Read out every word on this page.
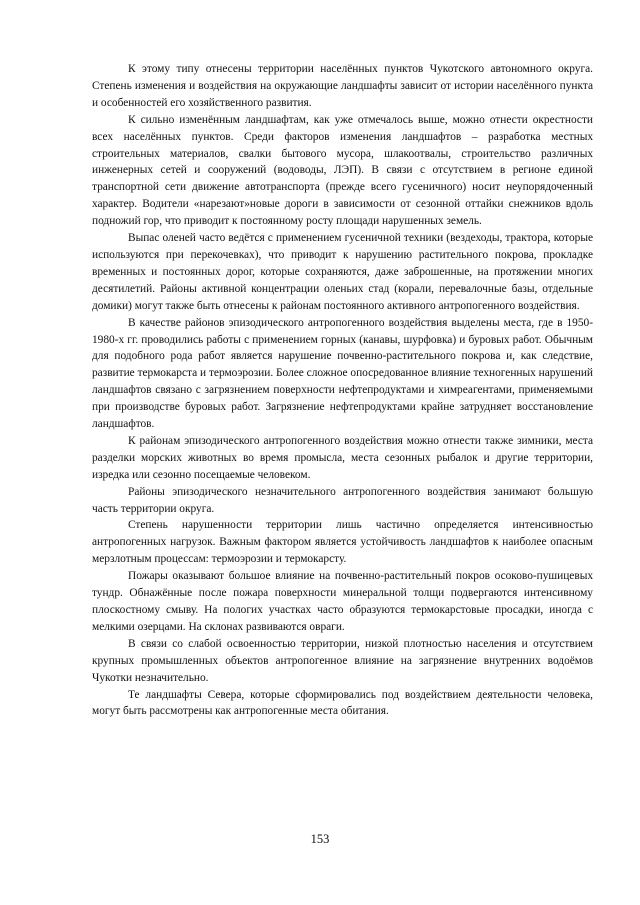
К этому типу отнесены территории населённых пунктов Чукотского автономного округа. Степень изменения и воздействия на окружающие ландшафты зависит от истории населённого пункта и особенностей его хозяйственного развития.

К сильно изменённым ландшафтам, как уже отмечалось выше, можно отнести окрестности всех населённых пунктов. Среди факторов изменения ландшафтов – разработка местных строительных материалов, свалки бытового мусора, шлакоотвалы, строительство различных инженерных сетей и сооружений (водоводы, ЛЭП). В связи с отсутствием в регионе единой транспортной сети движение автотранспорта (прежде всего гусеничного) носит неупорядоченный характер. Водители «нарезают»новые дороги в зависимости от сезонной оттайки снежников вдоль подножий гор, что приводит к постоянному росту площади нарушенных земель.

Выпас оленей часто ведётся с применением гусеничной техники (вездеходы, трактора, которые используются при перекочевках), что приводит к нарушению растительного покрова, прокладке временных и постоянных дорог, которые сохраняются, даже заброшенные, на протяжении многих десятилетий. Районы активной концентрации оленьих стад (корали, перевалочные базы, отдельные домики) могут также быть отнесены к районам постоянного активного антропогенного воздействия.

В качестве районов эпизодического антропогенного воздействия выделены места, где в 1950-1980-х гг. проводились работы с применением горных (канавы, шурфовка) и буровых работ. Обычным для подобного рода работ является нарушение почвенно-растительного покрова и, как следствие, развитие термокарста и термоэрозии. Более сложное опосредованное влияние техногенных нарушений ландшафтов связано с загрязнением поверхности нефтепродуктами и химреагентами, применяемыми при производстве буровых работ. Загрязнение нефтепродуктами крайне затрудняет восстановление ландшафтов.

К районам эпизодического антропогенного воздействия можно отнести также зимники, места разделки морских животных во время промысла, места сезонных рыбалок и другие территории, изредка или сезонно посещаемые человеком.

Районы эпизодического незначительного антропогенного воздействия занимают большую часть территории округа.

Степень нарушенности территории лишь частично определяется интенсивностью антропогенных нагрузок. Важным фактором является устойчивость ландшафтов к наиболее опасным мерзлотным процессам: термоэрозии и термокарсту.

Пожары оказывают большое влияние на почвенно-растительный покров осоково-пушицевых тундр. Обнажённые после пожара поверхности минеральной толщи подвергаются интенсивному плоскостному смыву. На пологих участках часто образуются термокарстовые просадки, иногда с мелкими озерцами. На склонах развиваются овраги.

В связи со слабой освоенностью территории, низкой плотностью населения и отсутствием крупных промышленных объектов антропогенное влияние на загрязнение внутренних водоёмов Чукотки незначительно.

Те ландшафты Севера, которые сформировались под воздействием деятельности человека, могут быть рассмотрены как антропогенные места обитания.

153
